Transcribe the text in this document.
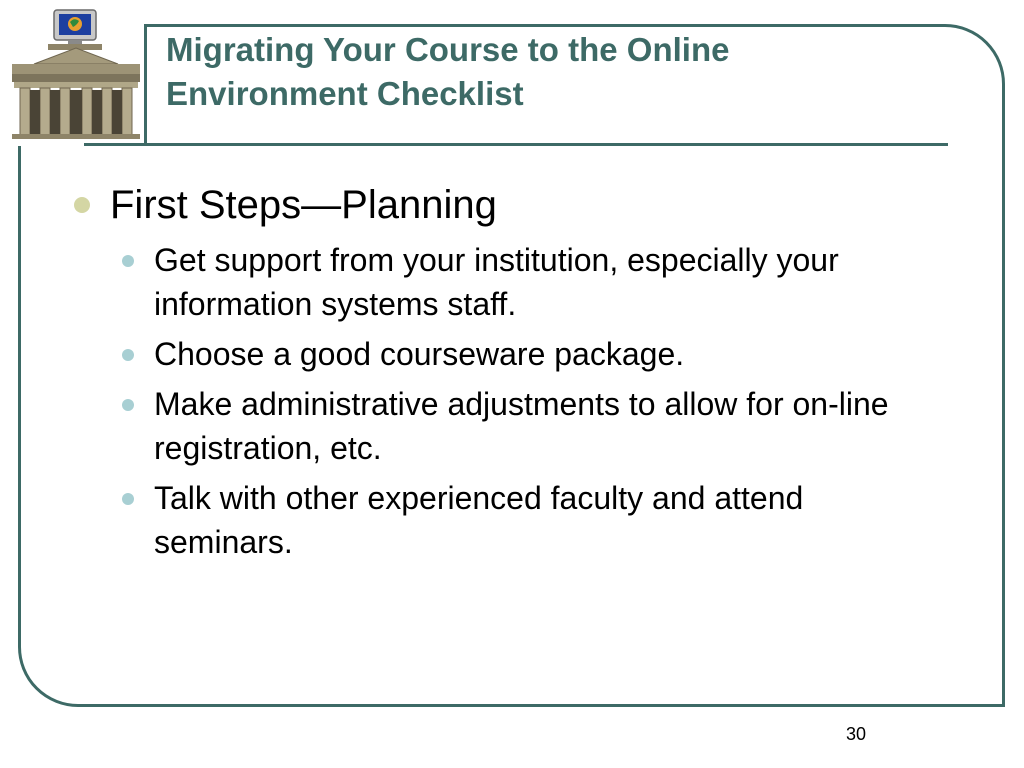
Migrating Your Course to the Online
Environment Checklist
First Steps—Planning
Get support from your institution, especially your information systems staff.
Choose a good courseware package.
Make administrative adjustments to allow for on-line registration, etc.
Talk with other experienced faculty and attend seminars.
30
